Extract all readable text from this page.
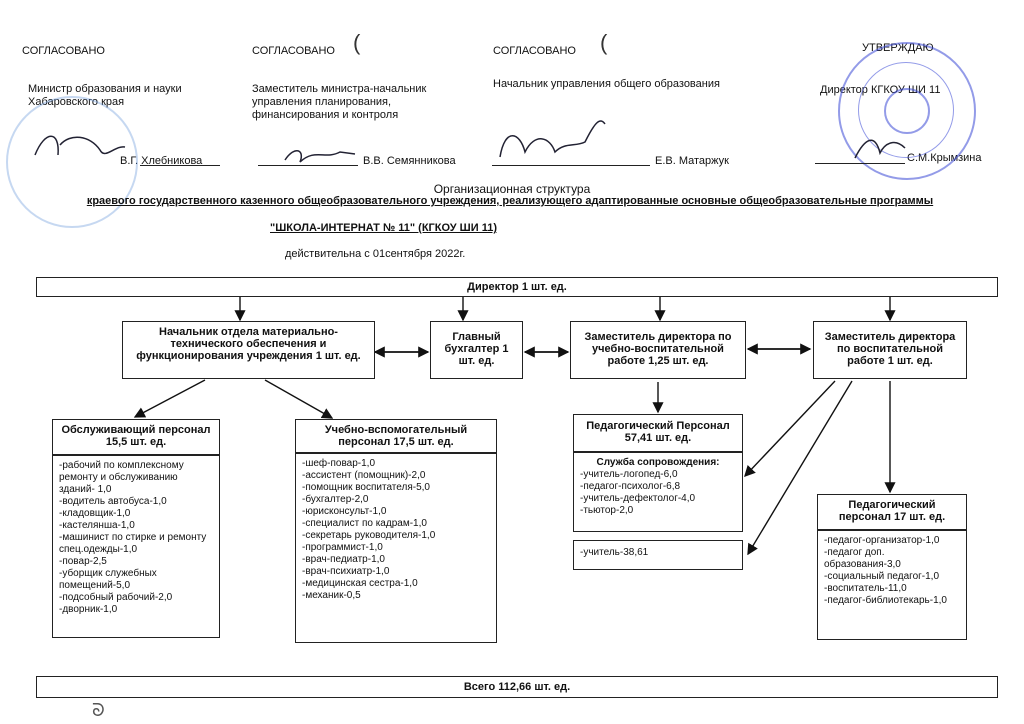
СОГЛАСОВАНО
Министр образования и науки Хабаровского края
В.Г. Хлебникова
СОГЛАСОВАНО
Заместитель министра-начальник управления планирования, финансирования и контроля
В.В. Семянникова
СОГЛАСОВАНО
Начальник управления общего образования
Е.В. Матаржук
УТВЕРЖДАЮ
Директор КГКОУ ШИ 11
С.М.Крымзина
(	(
Организационная структура
краевого государственного казенного общеобразовательного учреждения, реализующего адаптированные основные общеобразовательные программы
"ШКОЛА-ИНТЕРНАТ № 11" (КГКОУ ШИ 11)
действительна с 01сентября 2022г.
Директор 1 шт. ед.
Начальник отдела материально-технического обеспечения и функционирования учреждения 1 шт. ед.
Главный бухгалтер 1 шт. ед.
Заместитель директора по учебно-воспитательной работе 1,25 шт. ед.
Заместитель директора по воспитательной работе 1 шт. ед.
Обслуживающий персонал 15,5 шт. ед.
-рабочий по комплексному ремонту и обслуживанию зданий- 1,0
-водитель автобуса-1,0
-кладовщик-1,0
-кастелянша-1,0
-машинист по стирке и ремонту спец.одежды-1,0
-повар-2,5
-уборщик служебных помещений-5,0
-подсобный рабочий-2,0
-дворник-1,0
Учебно-вспомогательный персонал 17,5 шт. ед.
-шеф-повар-1,0
-ассистент (помощник)-2,0
-помощник воспитателя-5,0
-бухгалтер-2,0
-юрисконсульт-1,0
-специалист по кадрам-1,0
-секретарь руководителя-1,0
-программист-1,0
-врач-педиатр-1,0
-врач-психиатр-1,0
-медицинская сестра-1,0
-механик-0,5
Педагогический Персонал 57,41 шт. ед.
Служба сопровождения:
-учитель-логопед-6,0
-педагог-психолог-6,8
-учитель-дефектолог-4,0
-тьютор-2,0
-учитель-38,61
Педагогический персонал 17 шт. ед.
-педагог-организатор-1,0
-педагог доп. образования-3,0
-социальный педагог-1,0
-воспитатель-11,0
-педагог-библиотекарь-1,0
Всего 112,66 шт. ед.
ᘐ
